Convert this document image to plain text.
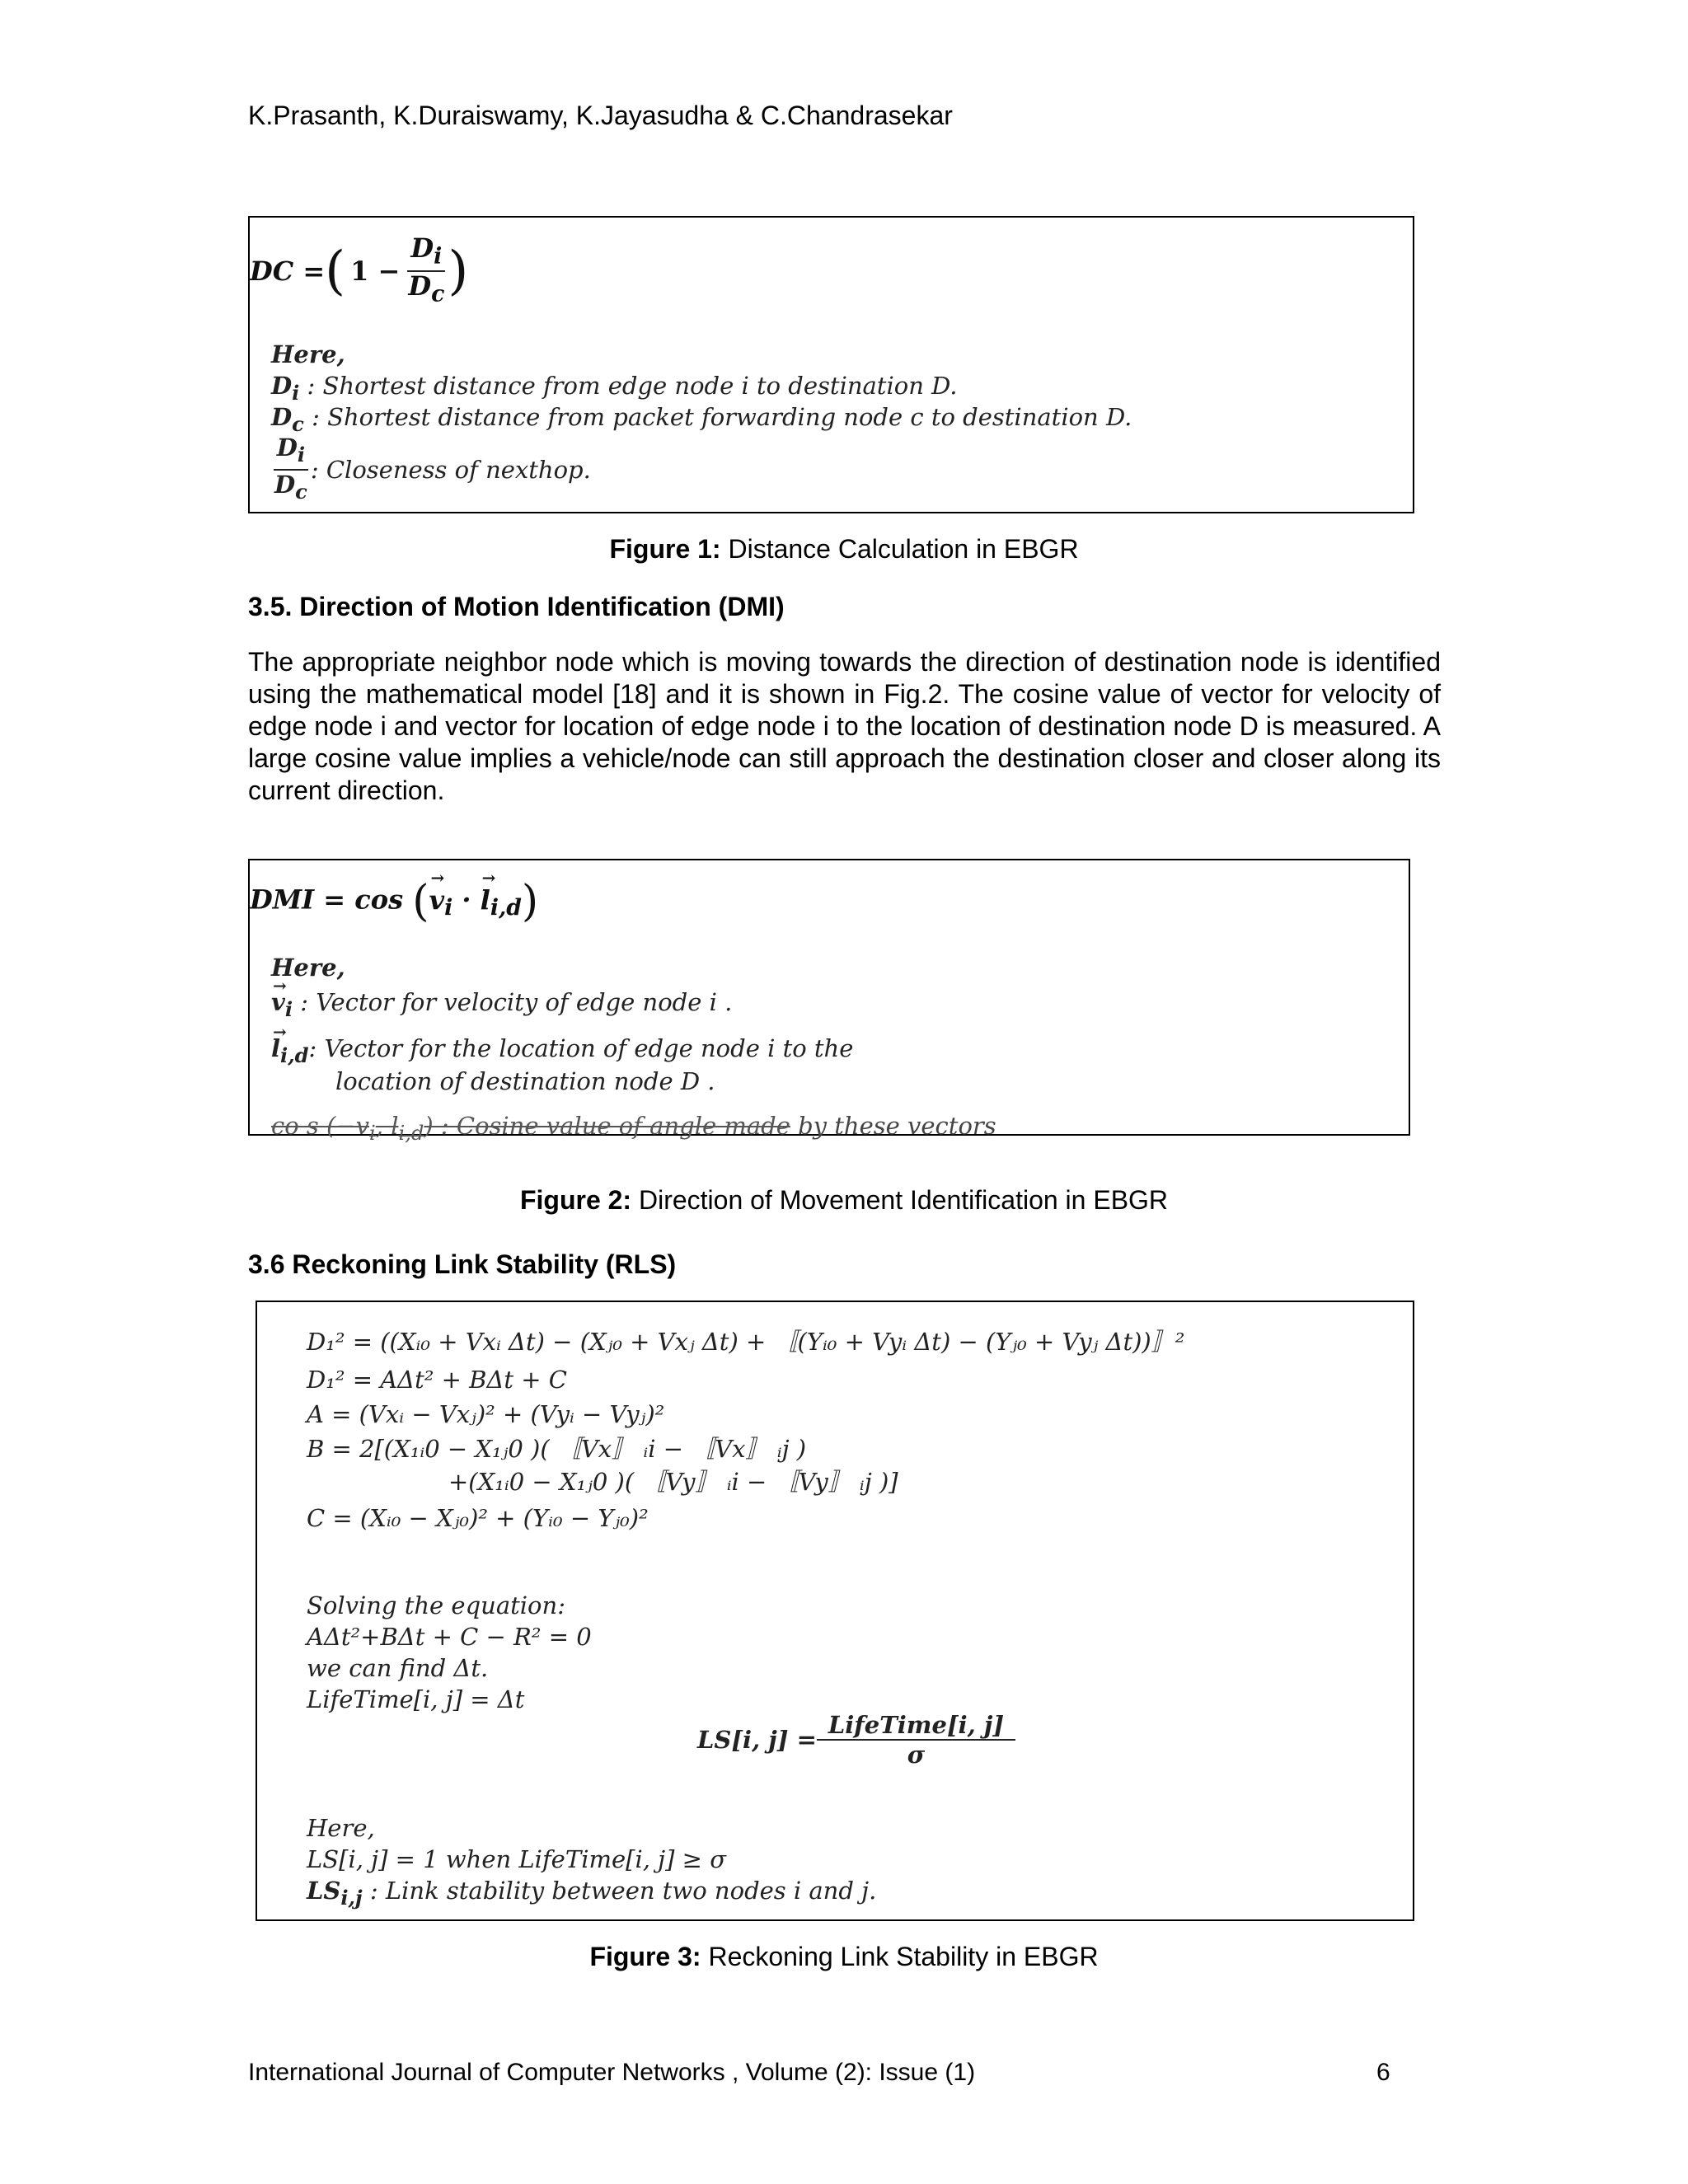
K.Prasanth, K.Duraiswamy, K.Jayasudha & C.Chandrasekar
DC = ( $1 - \frac{D_i}{D_c}$ )
Here,
$D_i$ : Shortest distance from edge node i to destination D.
$D_c$ : Shortest distance from packet forwarding node c to destination D.
$\frac{D_i}{D_c}$ : Closeness of nexthop.
Figure 1: Distance Calculation in EBGR
3.5. Direction of Motion Identification (DMI)
The appropriate neighbor node which is moving towards the direction of destination node is identified using the mathematical model [18] and it is shown in Fig.2. The cosine value of vector for velocity of edge node i and vector for location of edge node i to the location of destination node D is measured. A large cosine value implies a vehicle/node can still approach the destination closer and closer along its current direction.
DMI = cos (→ $v_i$ · → $l_{i,d}$)
Here,
→ $v_i$ : Vector for velocity of edge node i .
→ $l_{i,d}$: Vector for the location of edge node i to the
location of destination node D .
co s ($-v_i$, $l_{i,d}$) : Cosine value of angle made by these vectors
Figure 2: Direction of Movement Identification in EBGR
3.6 Reckoning Link Stability (RLS)
D₁² = ((Xᵢ₀ + Vxᵢ Δt) − (Xⱼ₀ + Vxⱼ Δt) + 〚(Yᵢ₀ + Vyᵢ Δt) − (Yⱼ₀ + Vyⱼ Δt))〛²
D₁² = AΔt² + BΔt + C
A = (Vxᵢ − Vxⱼ)² + (Vyᵢ − Vyⱼ)²
B = 2[(X₁ᵢ0 − X₁ⱼ0 )( 〚Vx〛 ᵢi − 〚Vx〛 ᵢj )
+(X₁ᵢ0 − X₁ⱼ0 )( 〚Vy〛 ᵢi − 〚Vy〛 ᵢj )]
C = (Xᵢ₀ − Xⱼ₀)² + (Yᵢ₀ − Yⱼ₀)²
Solving the equation:
AΔt²+BΔt + C − R² = 0
we can find Δt.
LifeTime[i, j] = Δt
LS[i, $j] = \frac{\text{LifeTime[i, j]}}{\sigma}$
Here,
LS[i, j] = 1 when LifeTime[i, j] ≥ σ
$LS_{i,j}$ : Link stability between two nodes i and j.
Figure 3: Reckoning Link Stability in EBGR
International Journal of Computer Networks , Volume (2): Issue (1)	6
